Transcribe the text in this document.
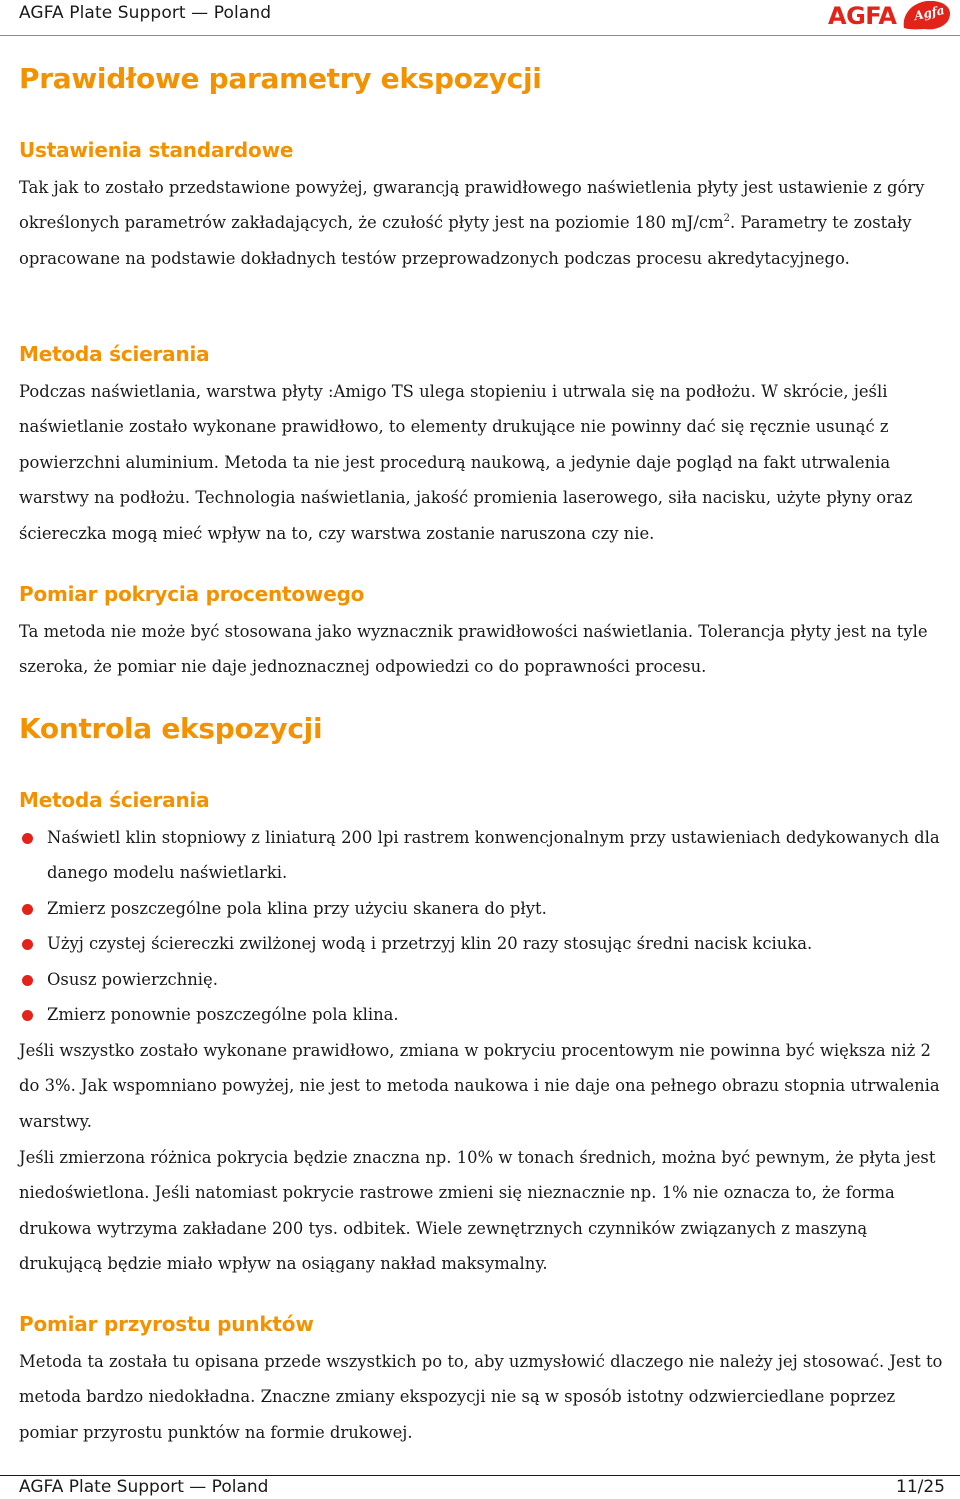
AGFA Plate Support — Poland	AGFA Agfa
Prawidłowe parametry ekspozycji
Ustawienia standardowe

Tak jak to zostało przedstawione powyżej, gwarancją prawidłowego naświetlenia płyty jest ustawienie z góry określonych parametrów zakładających, że czułość płyty jest na poziomie 180 $mJ/cm^2$. Parametry te zostały opracowane na podstawie dokładnych testów przeprowadzonych podczas procesu akredytacyjnego.

Metoda ścierania

Podczas naświetlania, warstwa płyty :Amigo TS ulega stopieniu i utrwala się na podłożu. W skrócie, jeśli naświetlanie zostało wykonane prawidłowo, to elementy drukujące nie powinny dać się ręcznie usunąć z powierzchni aluminium. Metoda ta nie jest procedurą naukową, a jedynie daje pogląd na fakt utrwalenia warstwy na podłożu. Technologia naświetlania, jakość promienia laserowego, siła nacisku, użyte płyny oraz ściereczka mogą mieć wpływ na to, czy warstwa zostanie naruszona czy nie.

Pomiar pokrycia procentowego

Ta metoda nie może być stosowana jako wyznacznik prawidłowości naświetlania. Tolerancja płyty jest na tyle szeroka, że pomiar nie daje jednoznacznej odpowiedzi co do poprawności procesu.

Kontrola ekspozycji
Metoda ścierania
Naświetl klin stopniowy z liniaturą 200 lpi rastrem konwencjonalnym przy ustawieniach dedykowanych dla danego modelu naświetlarki.
Zmierz poszczególne pola klina przy użyciu skanera do płyt.
Użyj czystej ściereczki zwilżonej wodą i przetrzyj klin 20 razy stosując średni nacisk kciuka.
Osusz powierzchnię.
Zmierz ponownie poszczególne pola klina.

Jeśli wszystko zostało wykonane prawidłowo, zmiana w pokryciu procentowym nie powinna być większa niż 2 do 3%. Jak wspomniano powyżej, nie jest to metoda naukowa i nie daje ona pełnego obrazu stopnia utrwalenia warstwy.

Jeśli zmierzona różnica pokrycia będzie znaczna np. 10% w tonach średnich, można być pewnym, że płyta jest niedoświetlona. Jeśli natomiast pokrycie rastrowe zmieni się nieznacznie np. 1% nie oznacza to, że forma drukowa wytrzyma zakładane 200 tys. odbitek. Wiele zewnętrznych czynników związanych z maszyną drukującą będzie miało wpływ na osiągany nakład maksymalny.

Pomiar przyrostu punktów

Metoda ta została tu opisana przede wszystkich po to, aby uzmysłowić dlaczego nie należy jej stosować. Jest to metoda bardzo niedokładna. Znaczne zmiany ekspozycji nie są w sposób istotny odzwierciedlane poprzez pomiar przyrostu punktów na formie drukowej.

AGFA Plate Support — Poland	11/25
